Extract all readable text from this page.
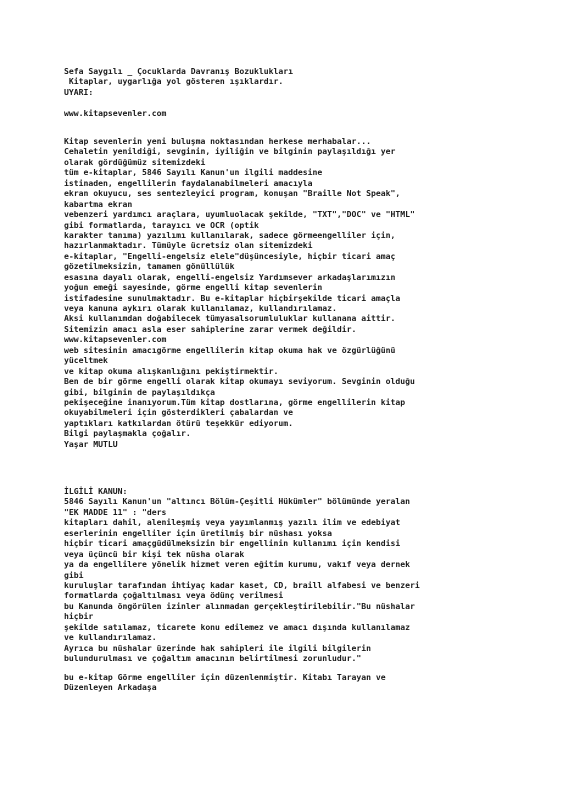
Sefa Saygılı _ Çocuklarda Davranış Bozuklukları
Kitaplar, uygarlığa yol gösteren ışıklardır.
UYARI:

www.kitapsevenler.com
Kitap sevenlerin yeni buluşma noktasından herkese merhabalar...
Cehaletin yenildiği, sevginin, iyiliğin ve bilginin paylaşıldığı yer
olarak gördüğümüz sitemizdeki
tüm e-kitaplar, 5846 Sayılı Kanun'un ilgili maddesine
istinaden, engellilerin faydalanabilmeleri amacıyla
ekran okuyucu, ses sentezleyici program, konuşan "Braille Not Speak",
kabartma ekran
vebenzeri yardımcı araçlara, uyumluolacak şekilde, "TXT","DOC" ve "HTML"
gibi formatlarda, tarayıcı ve OCR (optik
karakter tanıma) yazılımı kullanılarak, sadece görmeengelliler için,
hazırlanmaktadır. Tümüyle ücretsiz olan sitemizdeki
e-kitaplar, "Engelli-engelsiz elele"düşüncesiyle, hiçbir ticari amaç
gözetilmeksizin, tamamen gönüllülük
esasına dayalı olarak, engelli-engelsiz Yardımsever arkadaşlarımızın
yoğun emeği sayesinde, görme engelli kitap sevenlerin
istifadesine sunulmaktadır. Bu e-kitaplar hiçbirşekilde ticari amaçla
veya kanuna aykırı olarak kullanılamaz, kullandırılamaz.
Aksi kullanımdan doğabilecek tümyasalsorumluluklar kullanana aittir.
Sitemizin amacı asla eser sahiplerine zarar vermek değildir.
www.kitapsevenler.com
web sitesinin amacıgörme engellilerin kitap okuma hak ve özgürlüğünü
yüceltmek
ve kitap okuma alışkanlığını pekiştirmektir.
Ben de bir görme engelli olarak kitap okumayı seviyorum. Sevginin olduğu
gibi, bilginin de paylaşıldıkça
pekişeceğine inanıyorum.Tüm kitap dostlarına, görme engellilerin kitap
okuyabilmeleri için gösterdikleri çabalardan ve
yaptıkları katkılardan ötürü teşekkür ediyorum.
Bilgi paylaşmakla çoğalır.
Yaşar MUTLU
İLGİLİ KANUN:
5846 Sayılı Kanun'un "altıncı Bölüm-Çeşitli Hükümler" bölümünde yeralan
"EK MADDE 11" : "ders
kitapları dahil, alenileşmiş veya yayımlanmış yazılı ilim ve edebiyat
eserlerinin engelliler için üretilmiş bir nüshası yoksa
hiçbir ticari amaçgüdülmeksizin bir engellinin kullanımı için kendisi
veya üçüncü bir kişi tek nüsha olarak
ya da engellilere yönelik hizmet veren eğitim kurumu, vakıf veya dernek
gibi
kuruluşlar tarafından ihtiyaç kadar kaset, CD, braill alfabesi ve benzeri
formatlarda çoğaltılması veya ödünç verilmesi
bu Kanunda öngörülen izinler alınmadan gerçekleştirilebilir."Bu nüshalar
hiçbir
şekilde satılamaz, ticarete konu edilemez ve amacı dışında kullanılamaz
ve kullandırılamaz.
Ayrıca bu nüshalar üzerinde hak sahipleri ile ilgili bilgilerin
bulundurulması ve çoğaltım amacının belirtilmesi zorunludur."
bu e-kitap Görme engelliler için düzenlenmiştir. Kitabı Tarayan ve
Düzenleyen Arkadaşa
